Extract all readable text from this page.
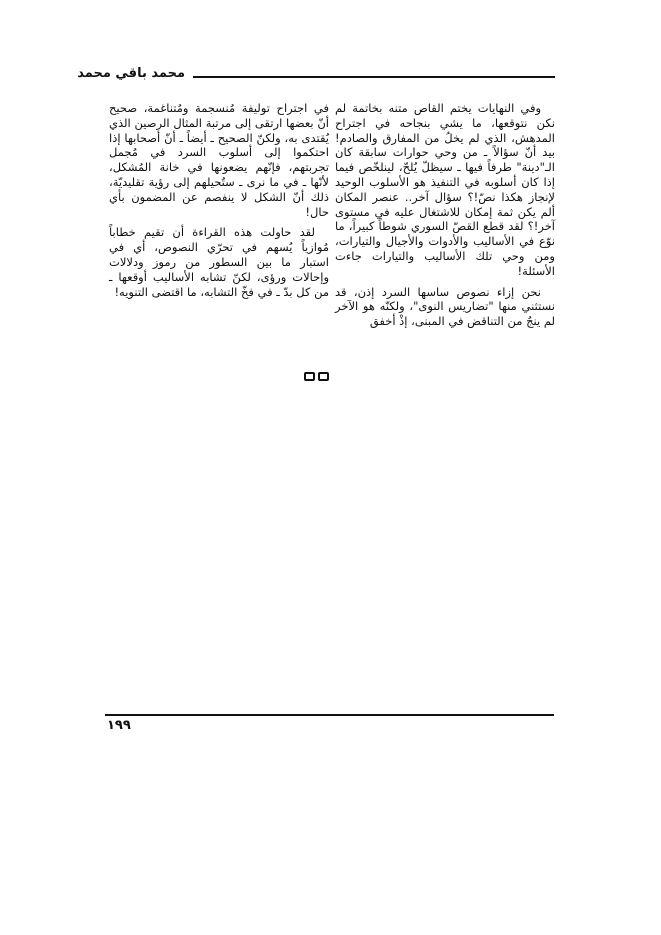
محمد باقي محمد

وفي النهايات يختم القاص متنه بخاتمة لم نكن نتوقعها، ما يشي بنجاحه في اجتراح المدهش، الذي لم يخلُ من المفارق والصادم! بيد أنّ سؤالاً ـ من وحي حوارات سابقة كان الـ"دينة" طرفاً فيها ـ سيظلّ يُلحّ، لينلخّص فيما إذا كان أسلوبه في التنفيذ هو الأسلوب الوحيد لإنجاز هكذا نصّ!؟ سؤال آخر.. عنصر المكان ألم يكن ثمة إمكان للاشتغال عليه في مستوى آخر!؟ لقد قطع القصّ السوري شوطاً كبيراً، ما نوّع في الأساليب والأدوات والأجيال والتيارات، ومن وحي تلك الأساليب والتيارات جاءت الأسئلة!

نحن إزاء نصوص ساسها السرد إذن، قد نستثني منها "تضاريس النوى"، ولكنّه هو الآخر لم ينجُ من التناقض في المبنى، إذْ أخفق

في اجتراح توليفة مُنسجمة ومُتناغمة، صحيح أنّ بعضها ارتقى إلى مرتبة المثال الرصين الذي يُقتدى به، ولكنّ الصحيح ـ أيضاً ـ أنّ أصحابها إذا احتكموا إلى أسلوب السرد في مُجمل تجربتهم، فإنّهم يضعونها في خانة المُشكل، لأنّها ـ في ما نرى ـ ستُحيلهم إلى رؤية تقليديّة، ذلك أنّ الشكل لا ينفصم عن المضمون بأي حال!

لقد حاولت هذه القراءة أن تقيم خطاباً مُوازياً يُسهم في تحرّي النصوص، أي في استبار ما بين السطور من رموز ودلالات وإحالات ورؤى، لكنّ تشابه الأساليب أوقعها ـ من كل بدّ ـ في فخّ التشابه، ما اقتضى التنويه!

١٩٩
